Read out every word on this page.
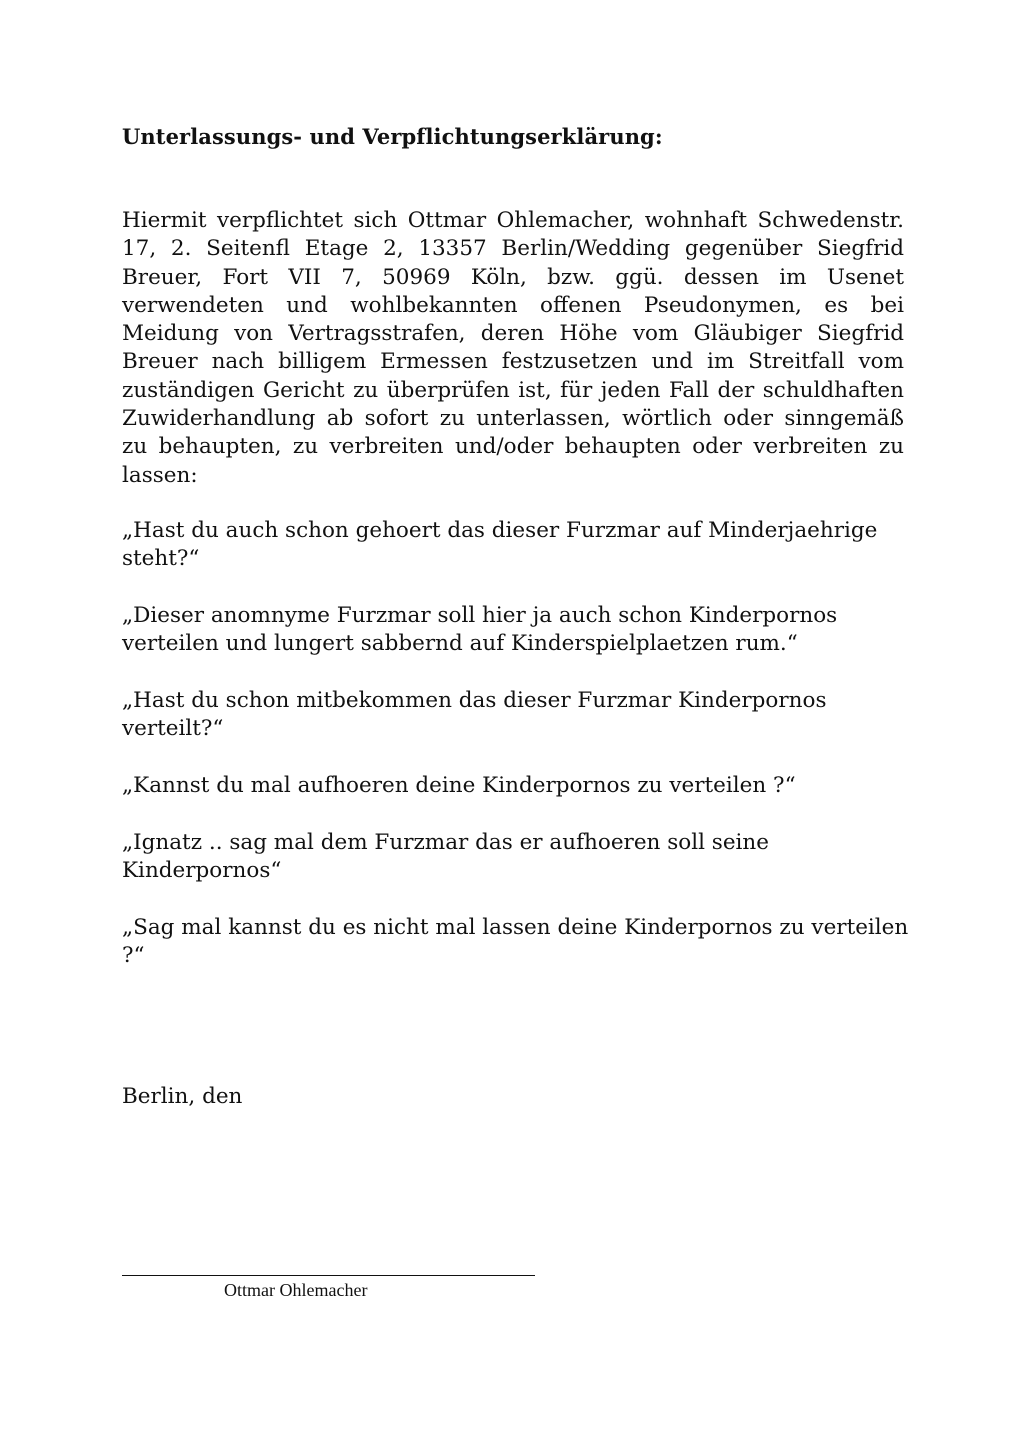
Unterlassungs- und Verpflichtungserklärung:

Hiermit verpflichtet sich Ottmar Ohlemacher, wohnhaft Schwedenstr. 17, 2. Seitenfl Etage 2, 13357 Berlin/Wedding gegenüber Siegfrid Breuer, Fort VII 7, 50969 Köln, bzw. ggü. dessen im Usenet verwendeten und wohlbekannten offenen Pseudonymen, es bei Meidung von Vertragsstrafen, deren Höhe vom Gläubiger Siegfrid Breuer nach billigem Ermessen festzusetzen und im Streitfall vom zuständigen Gericht zu überprüfen ist, für jeden Fall der schuldhaften Zuwiderhandlung ab sofort zu unterlassen, wörtlich oder sinngemäß zu behaupten, zu verbreiten und/oder behaupten oder verbreiten zu lassen:

„Hast du auch schon gehoert das dieser Furzmar auf Minderjaehrige steht?“

„Dieser anomnyme Furzmar soll hier ja auch schon Kinderpornos verteilen und lungert sabbernd auf Kinderspielplaetzen rum.“

„Hast du schon mitbekommen das dieser Furzmar Kinderpornos verteilt?“

„Kannst du mal aufhoeren deine Kinderpornos zu verteilen ?“

„Ignatz .. sag mal dem Furzmar das er aufhoeren soll seine Kinderpornos“

„Sag mal kannst du es nicht mal lassen deine Kinderpornos zu verteilen ?“

Berlin, den

Ottmar Ohlemacher
